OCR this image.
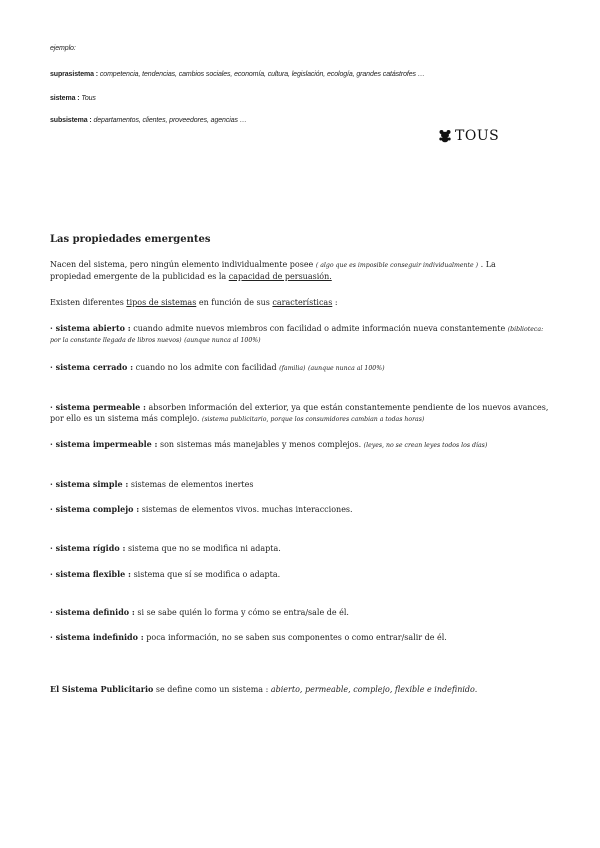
ejemplo:
suprasistema : competencia, tendencias, cambios sociales, economía, cultura, legislación, ecología, grandes catástrofes …
sistema : Tous
subsistema : departamentos, clientes, proveedores, agencias …
TOUS
Las propiedades emergentes
Nacen del sistema, pero ningún elemento individualmente posee ( algo que es imposible conseguir individualmente ) . La
propiedad emergente de la publicidad es la capacidad de persuasión.
Existen diferentes tipos de sistemas en función de sus características :
· sistema abierto : cuando admite nuevos miembros con facilidad o admite información nueva constantemente (biblioteca:
por la constante llegada de libros nuevos) (aunque nunca al 100%)
· sistema cerrado : cuando no los admite con facilidad (familia) (aunque nunca al 100%)
· sistema permeable : absorben información del exterior, ya que están constantemente pendiente de los nuevos avances,
por ello es un sistema más complejo. (sistema publicitario, porque los consumidores cambian a todas horas)
· sistema impermeable : son sistemas más manejables y menos complejos. (leyes, no se crean leyes todos los días)
· sistema simple : sistemas de elementos inertes
· sistema complejo : sistemas de elementos vivos. muchas interacciones.
· sistema rígido : sistema que no se modifica ni adapta.
· sistema flexible : sistema que sí se modifica o adapta.
· sistema definido : si se sabe quién lo forma y cómo se entra/sale de él.
· sistema indefinido : poca información, no se saben sus componentes o como entrar/salir de él.
El Sistema Publicitario se define como un sistema : abierto, permeable, complejo, flexible e indefinido.
